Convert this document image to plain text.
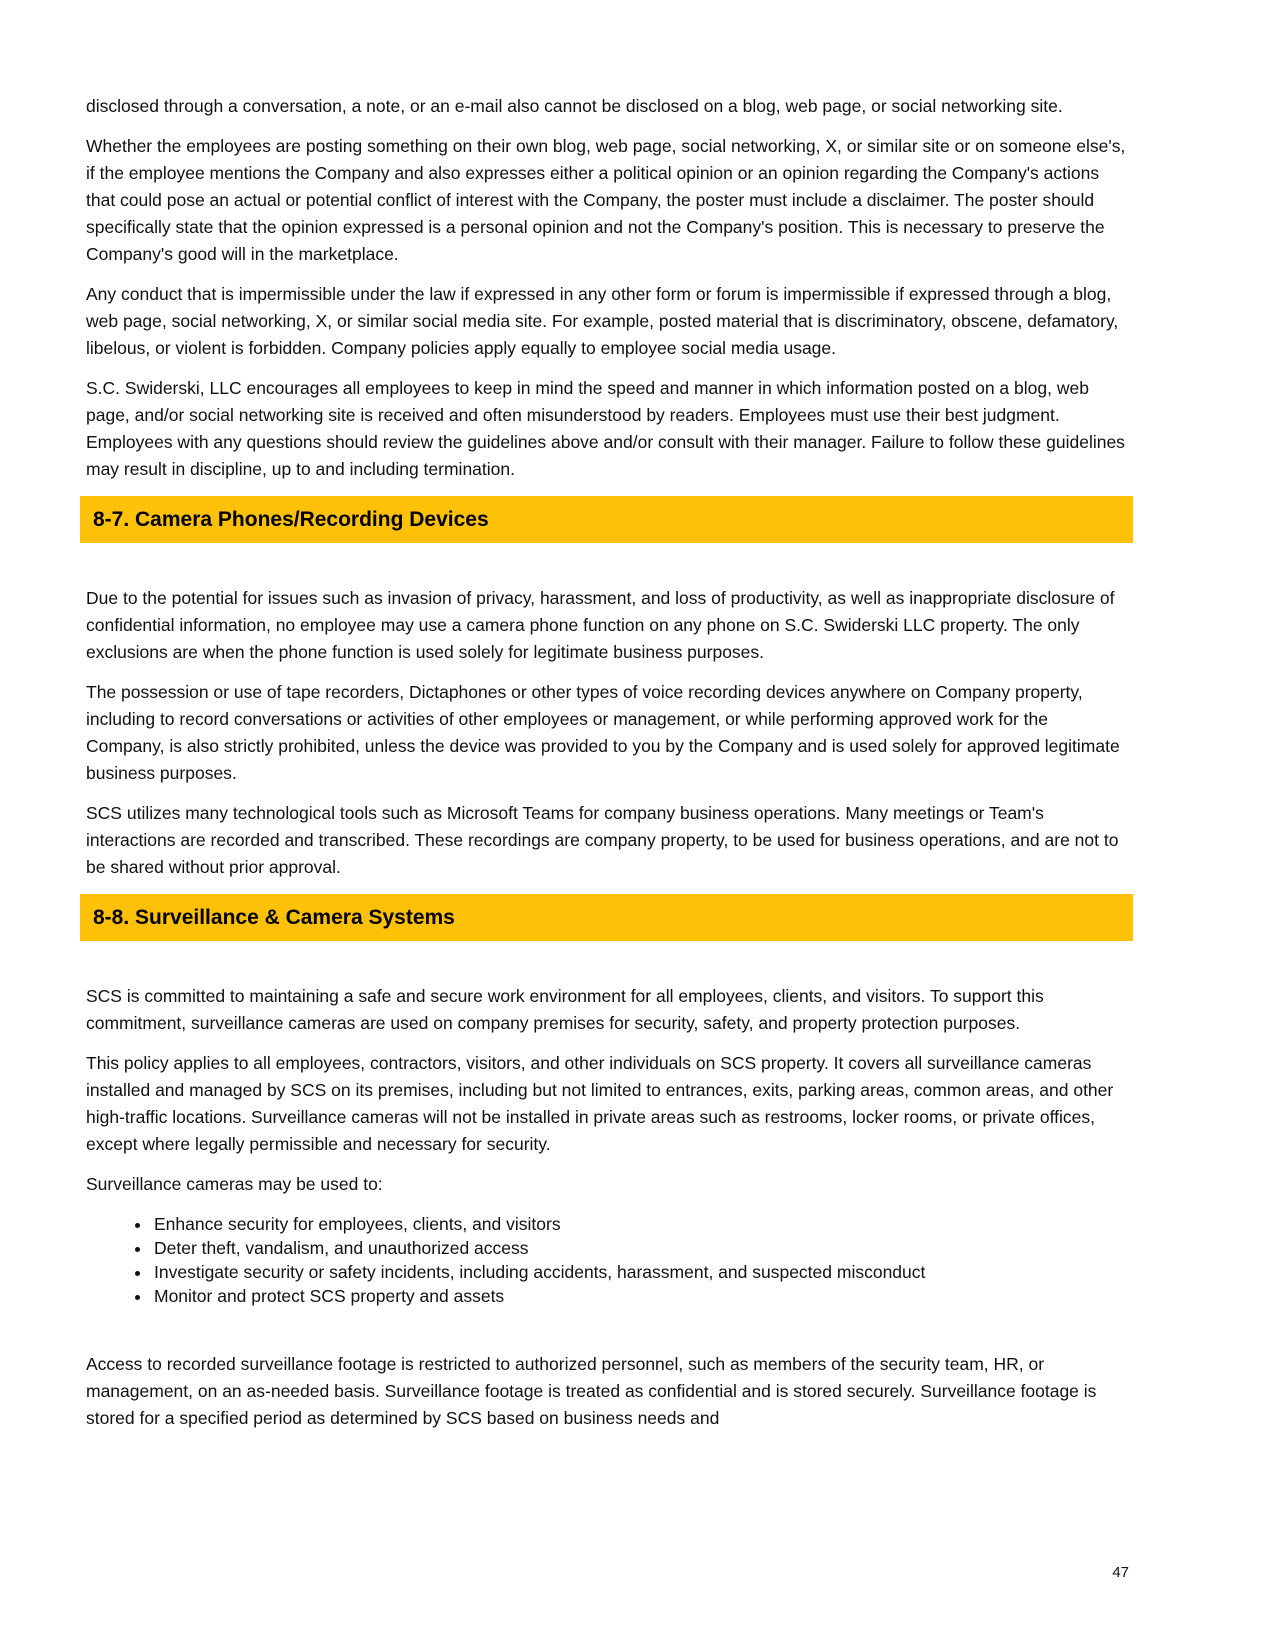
disclosed through a conversation, a note, or an e-mail also cannot be disclosed on a blog, web page, or social networking site.

Whether the employees are posting something on their own blog, web page, social networking, X, or similar site or on someone else's, if the employee mentions the Company and also expresses either a political opinion or an opinion regarding the Company's actions that could pose an actual or potential conflict of interest with the Company, the poster must include a disclaimer. The poster should specifically state that the opinion expressed is a personal opinion and not the Company's position. This is necessary to preserve the Company's good will in the marketplace.

Any conduct that is impermissible under the law if expressed in any other form or forum is impermissible if expressed through a blog, web page, social networking, X, or similar social media site. For example, posted material that is discriminatory, obscene, defamatory, libelous, or violent is forbidden. Company policies apply equally to employee social media usage.

S.C. Swiderski, LLC encourages all employees to keep in mind the speed and manner in which information posted on a blog, web page, and/or social networking site is received and often misunderstood by readers. Employees must use their best judgment. Employees with any questions should review the guidelines above and/or consult with their manager. Failure to follow these guidelines may result in discipline, up to and including termination.

8-7. Camera Phones/Recording Devices

Due to the potential for issues such as invasion of privacy, harassment, and loss of productivity, as well as inappropriate disclosure of confidential information, no employee may use a camera phone function on any phone on S.C. Swiderski LLC property. The only exclusions are when the phone function is used solely for legitimate business purposes.

The possession or use of tape recorders, Dictaphones or other types of voice recording devices anywhere on Company property, including to record conversations or activities of other employees or management, or while performing approved work for the Company, is also strictly prohibited, unless the device was provided to you by the Company and is used solely for approved legitimate business purposes.

SCS utilizes many technological tools such as Microsoft Teams for company business operations. Many meetings or Team's interactions are recorded and transcribed. These recordings are company property, to be used for business operations, and are not to be shared without prior approval.

8-8. Surveillance & Camera Systems

SCS is committed to maintaining a safe and secure work environment for all employees, clients, and visitors. To support this commitment, surveillance cameras are used on company premises for security, safety, and property protection purposes.

This policy applies to all employees, contractors, visitors, and other individuals on SCS property. It covers all surveillance cameras installed and managed by SCS on its premises, including but not limited to entrances, exits, parking areas, common areas, and other high-traffic locations. Surveillance cameras will not be installed in private areas such as restrooms, locker rooms, or private offices, except where legally permissible and necessary for security.

Surveillance cameras may be used to:

• Enhance security for employees, clients, and visitors
• Deter theft, vandalism, and unauthorized access
• Investigate security or safety incidents, including accidents, harassment, and suspected misconduct
• Monitor and protect SCS property and assets

Access to recorded surveillance footage is restricted to authorized personnel, such as members of the security team, HR, or management, on an as-needed basis. Surveillance footage is treated as confidential and is stored securely. Surveillance footage is stored for a specified period as determined by SCS based on business needs and

47
